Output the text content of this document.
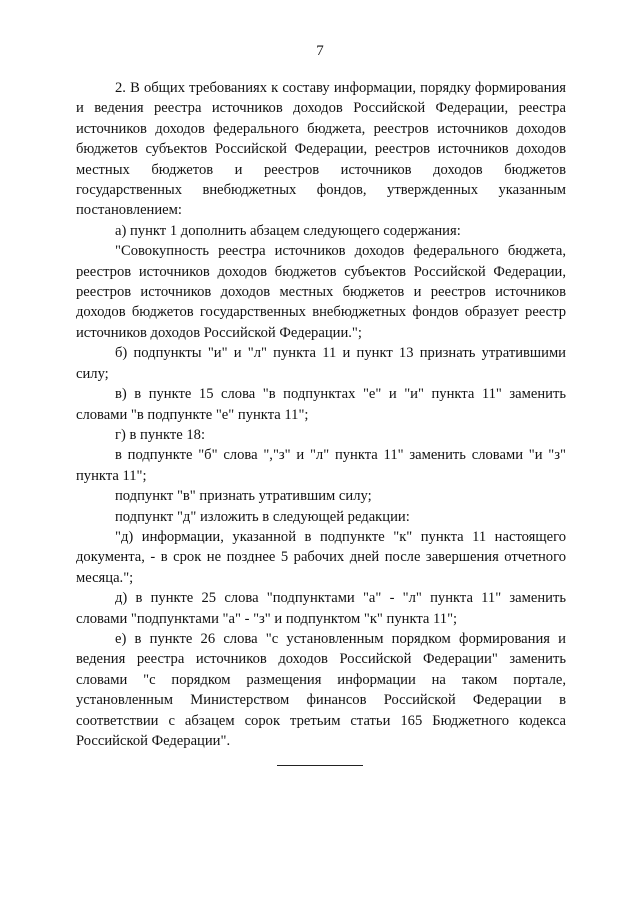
7

2. В общих требованиях к составу информации, порядку формирования и ведения реестра источников доходов Российской Федерации, реестра источников доходов федерального бюджета, реестров источников доходов бюджетов субъектов Российской Федерации, реестров источников доходов местных бюджетов и реестров источников доходов бюджетов государственных внебюджетных фондов, утвержденных указанным постановлением:

а) пункт 1 дополнить абзацем следующего содержания:

"Совокупность реестра источников доходов федерального бюджета, реестров источников доходов бюджетов субъектов Российской Федерации, реестров источников доходов местных бюджетов и реестров источников доходов бюджетов государственных внебюджетных фондов образует реестр источников доходов Российской Федерации.";

б) подпункты "и" и "л" пункта 11 и пункт 13 признать утратившими силу;

в) в пункте 15 слова "в подпунктах "е" и "и" пункта 11" заменить словами "в подпункте "е" пункта 11";

г) в пункте 18:

в подпункте "б" слова ","з" и "л" пункта 11" заменить словами "и "з" пункта 11";

подпункт "в" признать утратившим силу;

подпункт "д" изложить в следующей редакции:

"д) информации, указанной в подпункте "к" пункта 11 настоящего документа, - в срок не позднее 5 рабочих дней после завершения отчетного месяца.";

д) в пункте 25 слова "подпунктами "а" - "л" пункта 11" заменить словами "подпунктами "а" - "з" и подпунктом "к" пункта 11";

е) в пункте 26 слова "с установленным порядком формирования и ведения реестра источников доходов Российской Федерации" заменить словами "с порядком размещения информации на таком портале, установленным Министерством финансов Российской Федерации в соответствии с абзацем сорок третьим статьи 165 Бюджетного кодекса Российской Федерации".
